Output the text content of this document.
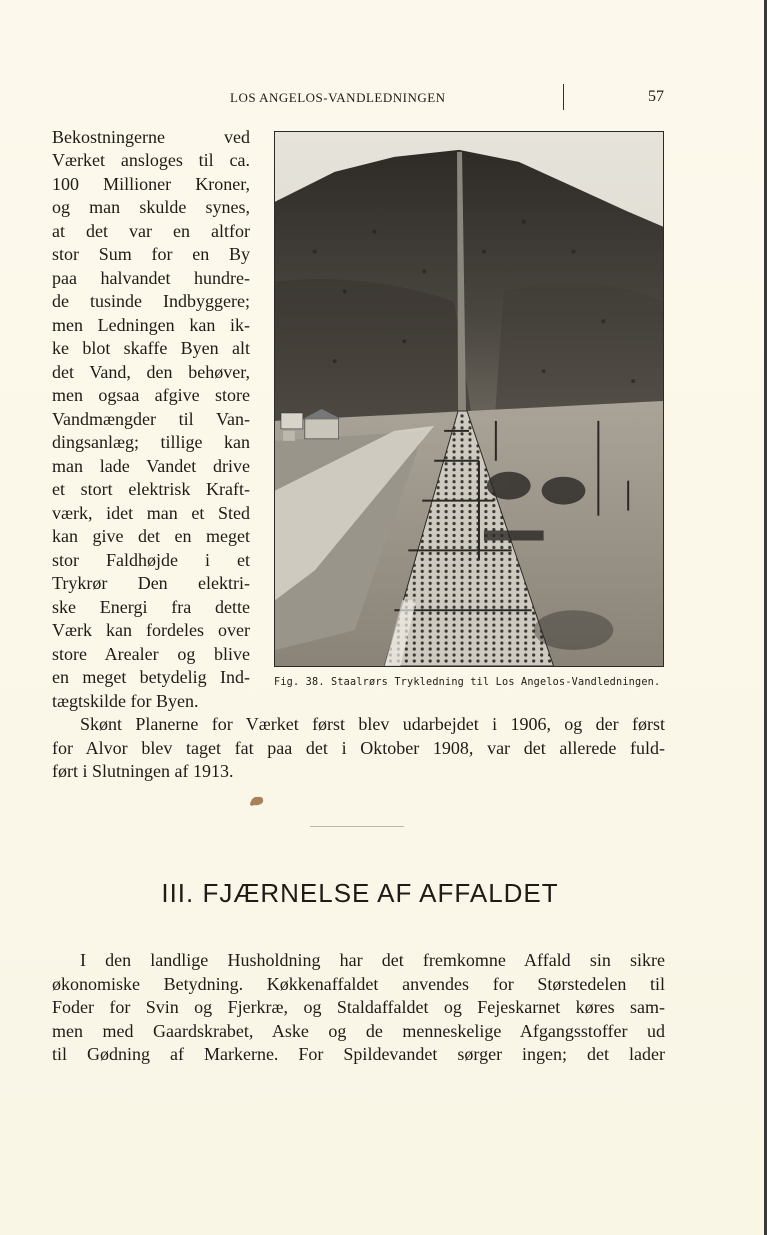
LOS ANGELOS-VANDLEDNINGEN	57
Fig. 38. Staalrørs Trykledning til Los Angelos-Vandledningen.
Bekostningerne ved
Værket ansloges til ca.
100 Millioner Kroner,
og man skulde synes,
at det var en altfor
stor Sum for en By
paa halvandet hundre-
de tusinde Indbyggere;
men Ledningen kan ik-
ke blot skaffe Byen alt
det Vand, den behøver,
men ogsaa afgive store
Vandmængder til Van-
dingsanlæg; tillige kan
man lade Vandet drive
et stort elektrisk Kraft-
værk, idet man et Sted
kan give det en meget
stor Faldhøjde i et
Trykrør Den elektri-
ske Energi fra dette
Værk kan fordeles over
store Arealer og blive
en meget betydelig Ind-
tægtskilde for Byen.
Skønt Planerne for Værket først blev udarbejdet i 1906, og der først
for Alvor blev taget fat paa det i Oktober 1908, var det allerede fuld-
ført i Slutningen af 1913.
III. FJÆRNELSE AF AFFALDET
I den landlige Husholdning har det fremkomne Affald sin sikre
økonomiske Betydning. Køkkenaffaldet anvendes for Størstedelen til
Foder for Svin og Fjerkræ, og Staldaffaldet og Fejeskarnet køres sam-
men med Gaardskrabet, Aske og de menneskelige Afgangsstoffer ud
til Gødning af Markerne. For Spildevandet sørger ingen; det lader
